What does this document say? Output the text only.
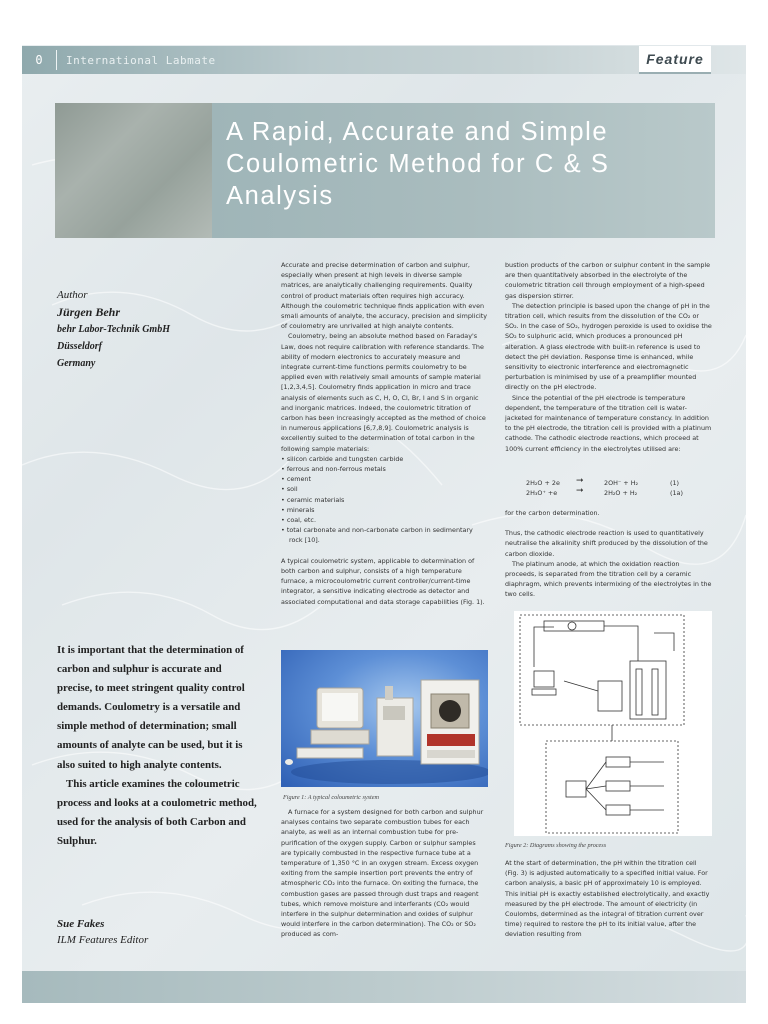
0	International Labmate	Feature
A Rapid, Accurate and Simple Coulometric Method for C & S Analysis
Author
Jürgen Behr
behr Labor-Technik GmbH
Düsseldorf
Germany

It is important that the determination of carbon and sulphur is accurate and precise, to meet stringent quality control demands. Coulometry is a versatile and simple method of determination; small amounts of analyte can be used, but it is also suited to high analyte contents.

This article examines the coloumetric process and looks at a coulometric method, used for the analysis of both Carbon and Sulphur.

Sue Fakes
ILM Features Editor

Accurate and precise determination of carbon and sulphur, especially when present at high levels in diverse sample matrices, are analytically challenging requirements. Quality control of product materials often requires high accuracy. Although the coulometric technique finds application with even small amounts of analyte, the accuracy, precision and simplicity of coulometry are unrivalled at high analyte contents.

Coulometry, being an absolute method based on Faraday's Law, does not require calibration with reference standards. The ability of modern electronics to accurately measure and integrate current-time functions permits coulometry to be applied even with relatively small amounts of sample material [1,2,3,4,5]. Coulometry finds application in micro and trace analysis of elements such as C, H, O, Cl, Br, I and S in organic and inorganic matrices. Indeed, the coulometric titration of carbon has been increasingly accepted as the method of choice in numerous applications [6,7,8,9]. Coulometric analysis is excellently suited to the determination of total carbon in the following sample materials:

• silicon carbide and tungsten carbide
• ferrous and non-ferrous metals
• cement
• soil
• ceramic materials
• minerals
• coal, etc.
• total carbonate and non-carbonate carbon in sedimentary rock [10].

A typical coulometric system, applicable to determination of both carbon and sulphur, consists of a high temperature furnace, a microcoulometric current controller/current-time integrator, a sensitive indicating electrode as detector and associated computational and data storage capabilities (Fig. 1).

Figure 1: A typical coloumetric system

A furnace for a system designed for both carbon and sulphur analyses contains two separate combustion tubes for each analyte, as well as an internal combustion tube for pre-purification of the oxygen supply. Carbon or sulphur samples are typically combusted in the respective furnace tube at a temperature of 1,350 °C in an oxygen stream. Excess oxygen exiting from the sample insertion port prevents the entry of atmospheric CO₂ into the furnace. On exiting the furnace, the combustion gases are passed through dust traps and reagent tubes, which remove moisture and interferants (CO₂ would interfere in the sulphur determination and oxides of sulphur would interfere in the carbon determination). The CO₂ or SO₂ produced as com-

bustion products of the carbon or sulphur content in the sample are then quantitatively absorbed in the electrolyte of the coulometric titration cell through employment of a high-speed gas dispersion stirrer.

The detection principle is based upon the change of pH in the titration cell, which results from the dissolution of the CO₂ or SO₂. In the case of SO₂, hydrogen peroxide is used to oxidise the SO₂ to sulphuric acid, which produces a pronounced pH alteration. A glass electrode with built-in reference is used to detect the pH deviation. Response time is enhanced, while sensitivity to electronic interference and electromagnetic perturbation is minimised by use of a preamplifier mounted directly on the pH electrode.

Since the potential of the pH electrode is temperature dependent, the temperature of the titration cell is water-jacketed for maintenance of temperature constancy. In addition to the pH electrode, the titration cell is provided with a platinum cathode. The cathodic electrode reactions, which proceed at 100% current efficiency in the electrolytes utilised are:

2H₂O + 2e ➞	2OH⁻ + H₂	(1)
2H₃O⁺ +e ➞	2H₂O + H₂	(1a)

for the carbon determination.

Thus, the cathodic electrode reaction is used to quantitatively neutralise the alkalinity shift produced by the dissolution of the carbon dioxide.

The platinum anode, at which the oxidation reaction proceeds, is separated from the titration cell by a ceramic diaphragm, which prevents intermixing of the electrolytes in the two cells.

Figure 2: Diagrams showing the process

At the start of determination, the pH within the titration cell (Fig. 3) is adjusted automatically to a specified initial value. For carbon analysis, a basic pH of approximately 10 is employed. This initial pH is exactly established electrolytically, and exactly measured by the pH electrode. The amount of electricity (in Coulombs, determined as the integral of titration current over time) required to restore the pH to its initial value, after the deviation resulting from
